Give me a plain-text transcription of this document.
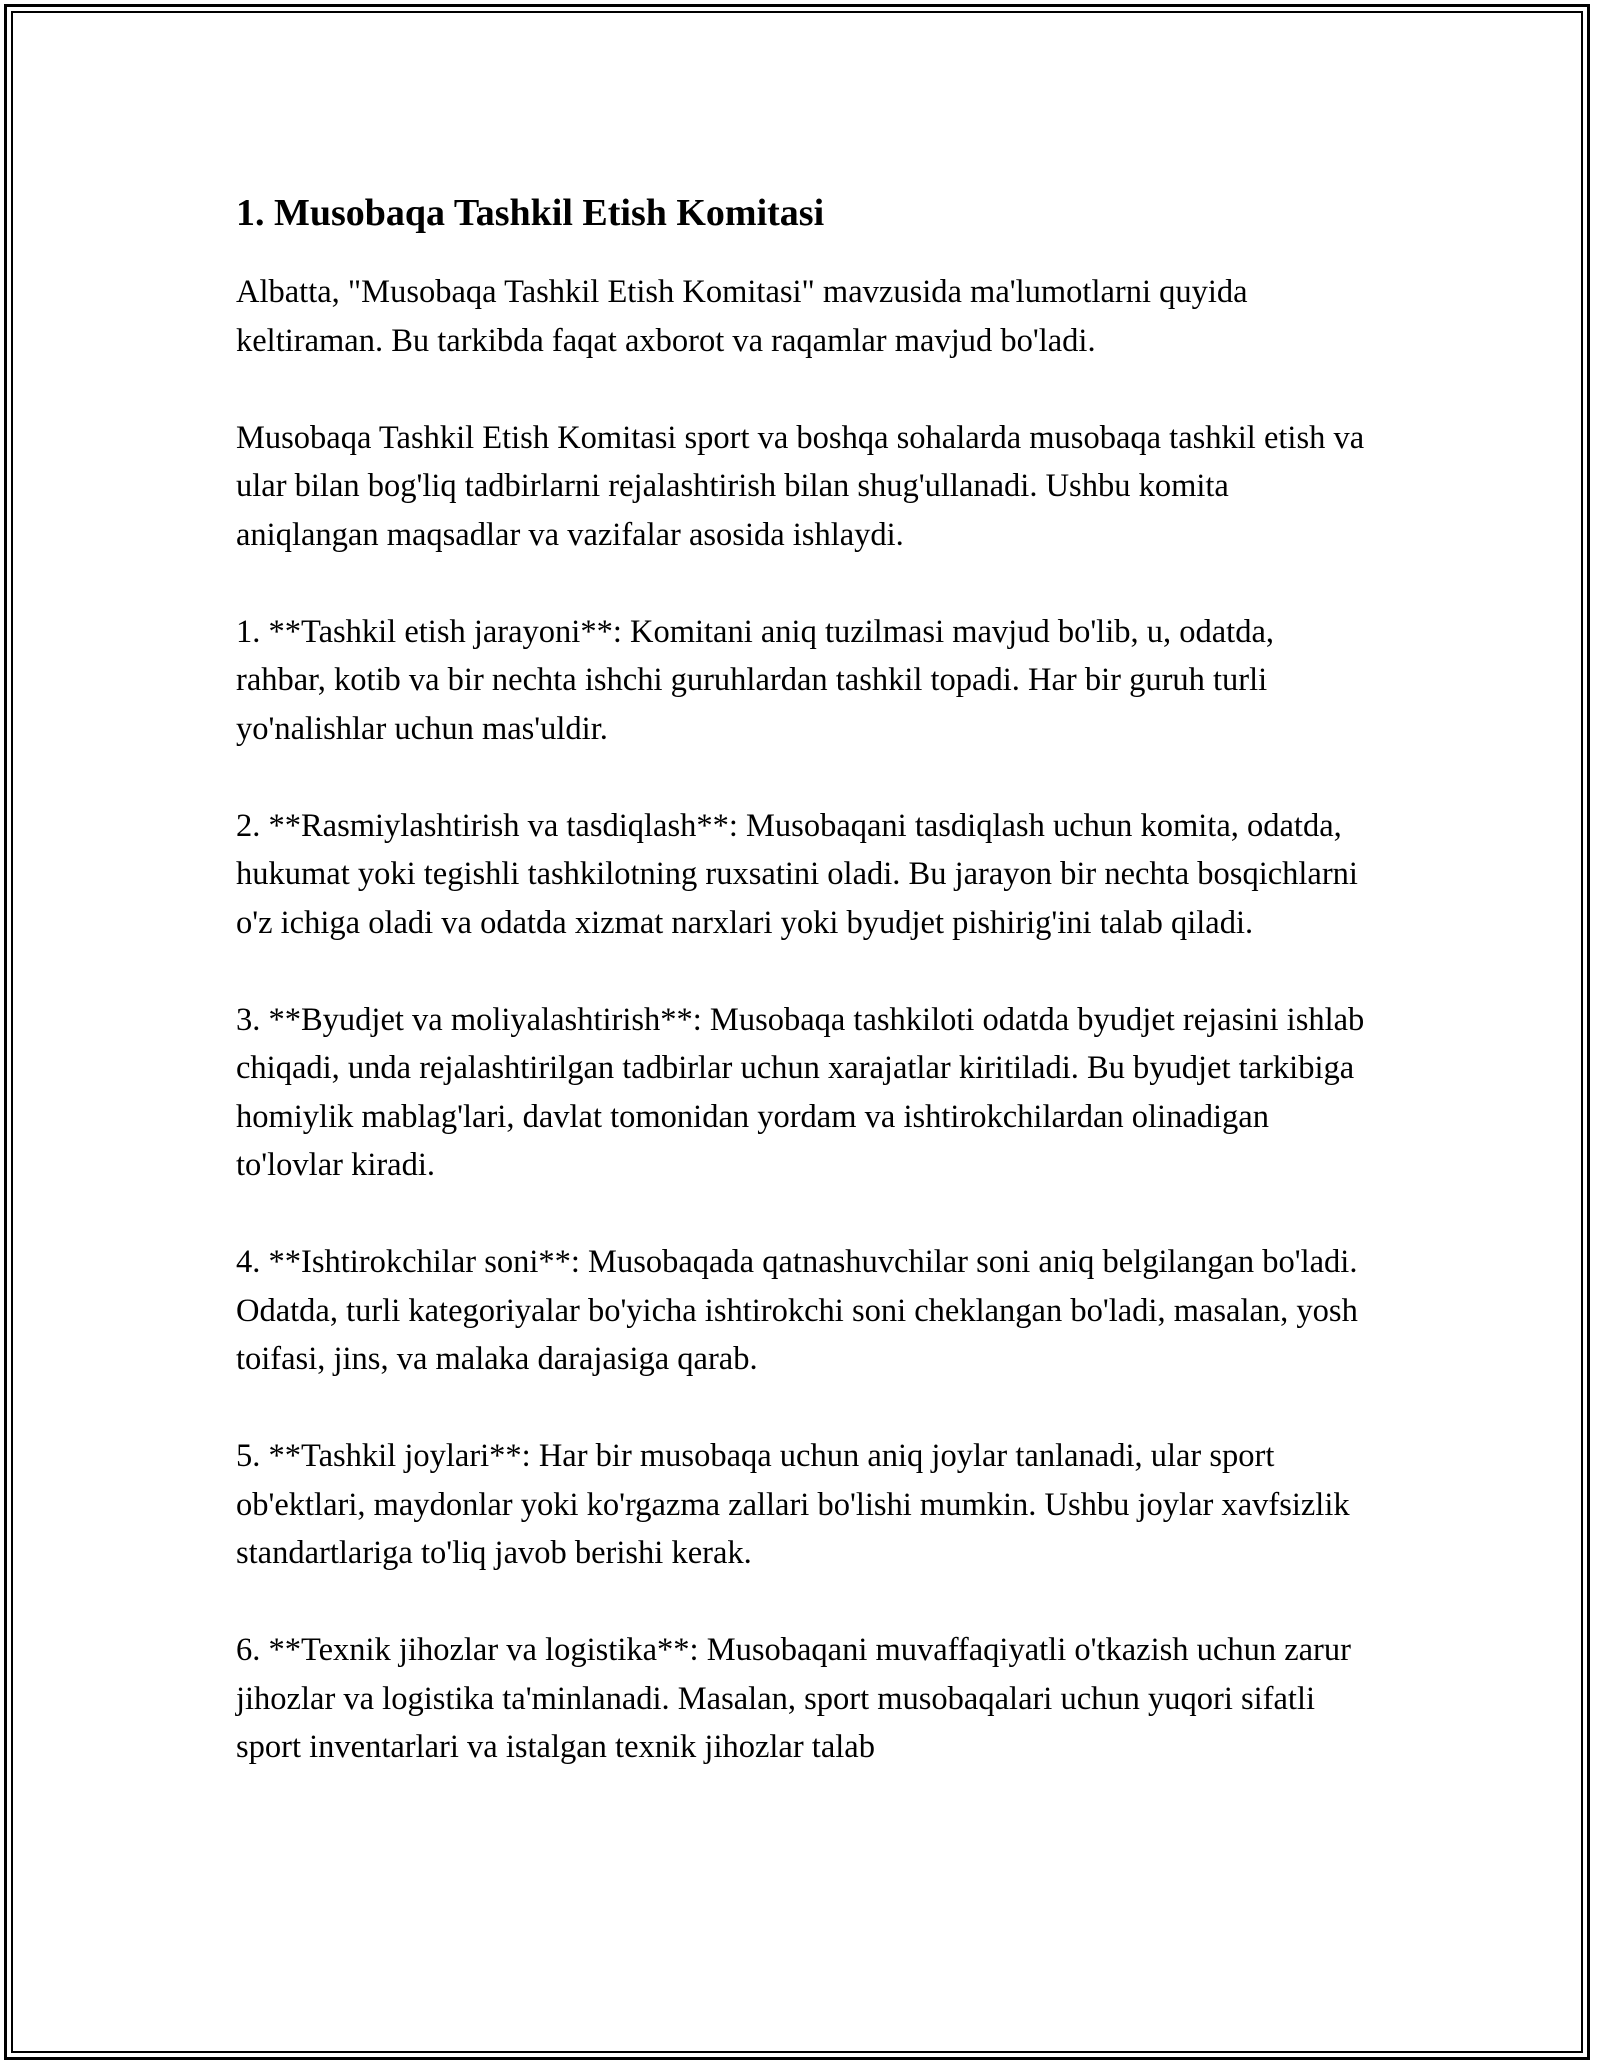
1. Musobaqa Tashkil Etish Komitasi

Albatta, "Musobaqa Tashkil Etish Komitasi" mavzusida ma'lumotlarni quyida keltiraman. Bu tarkibda faqat axborot va raqamlar mavjud bo'ladi.

Musobaqa Tashkil Etish Komitasi sport va boshqa sohalarda musobaqa tashkil etish va ular bilan bog'liq tadbirlarni rejalashtirish bilan shug'ullanadi. Ushbu komita aniqlangan maqsadlar va vazifalar asosida ishlaydi.

1. **Tashkil etish jarayoni**: Komitani aniq tuzilmasi mavjud bo'lib, u, odatda, rahbar, kotib va bir nechta ishchi guruhlardan tashkil topadi. Har bir guruh turli yo'nalishlar uchun mas'uldir.

2. **Rasmiylashtirish va tasdiqlash**: Musobaqani tasdiqlash uchun komita, odatda, hukumat yoki tegishli tashkilotning ruxsatini oladi. Bu jarayon bir nechta bosqichlarni o'z ichiga oladi va odatda xizmat narxlari yoki byudjet pishirig'ini talab qiladi.

3. **Byudjet va moliyalashtirish**: Musobaqa tashkiloti odatda byudjet rejasini ishlab chiqadi, unda rejalashtirilgan tadbirlar uchun xarajatlar kiritiladi. Bu byudjet tarkibiga homiylik mablag'lari, davlat tomonidan yordam va ishtirokchilardan olinadigan to'lovlar kiradi.

4. **Ishtirokchilar soni**: Musobaqada qatnashuvchilar soni aniq belgilangan bo'ladi. Odatda, turli kategoriyalar bo'yicha ishtirokchi soni cheklangan bo'ladi, masalan, yosh toifasi, jins, va malaka darajasiga qarab.

5. **Tashkil joylari**: Har bir musobaqa uchun aniq joylar tanlanadi, ular sport ob'ektlari, maydonlar yoki ko'rgazma zallari bo'lishi mumkin. Ushbu joylar xavfsizlik standartlariga to'liq javob berishi kerak.

6. **Texnik jihozlar va logistika**: Musobaqani muvaffaqiyatli o'tkazish uchun zarur jihozlar va logistika ta'minlanadi. Masalan, sport musobaqalari uchun yuqori sifatli sport inventarlari va istalgan texnik jihozlar talab
